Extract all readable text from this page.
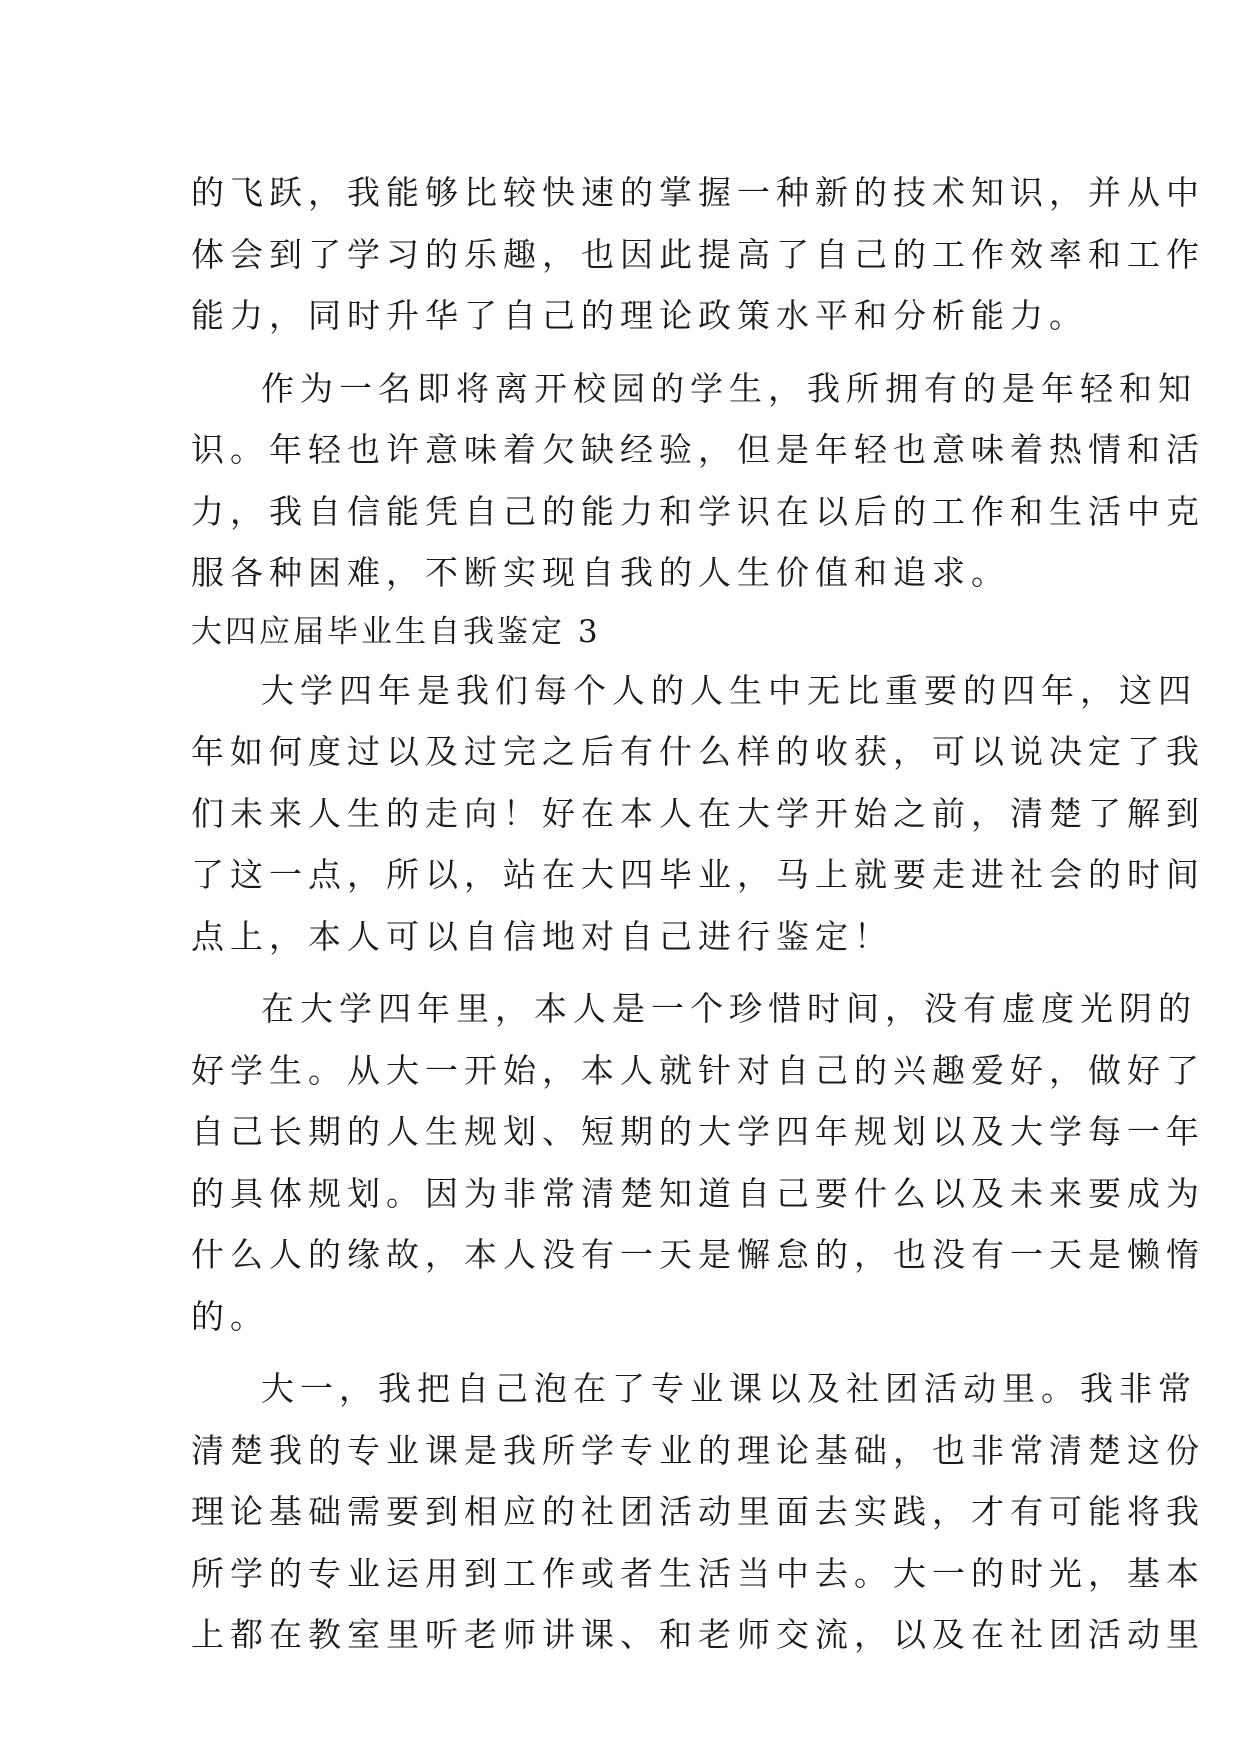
的飞跃，我能够比较快速的掌握一种新的技术知识，并从中
体会到了学习的乐趣，也因此提高了自己的工作效率和工作
能力，同时升华了自己的理论政策水平和分析能力。
作为一名即将离开校园的学生，我所拥有的是年轻和知
识。年轻也许意味着欠缺经验，但是年轻也意味着热情和活
力，我自信能凭自己的能力和学识在以后的工作和生活中克
服各种困难，不断实现自我的人生价值和追求。
大四应届毕业生自我鉴定 3
大学四年是我们每个人的人生中无比重要的四年，这四
年如何度过以及过完之后有什么样的收获，可以说决定了我
们未来人生的走向！好在本人在大学开始之前，清楚了解到
了这一点，所以，站在大四毕业，马上就要走进社会的时间
点上，本人可以自信地对自己进行鉴定！
在大学四年里，本人是一个珍惜时间，没有虚度光阴的
好学生。从大一开始，本人就针对自己的兴趣爱好，做好了
自己长期的人生规划、短期的大学四年规划以及大学每一年
的具体规划。因为非常清楚知道自己要什么以及未来要成为
什么人的缘故，本人没有一天是懈怠的，也没有一天是懒惰
的。
大一，我把自己泡在了专业课以及社团活动里。我非常
清楚我的专业课是我所学专业的理论基础，也非常清楚这份
理论基础需要到相应的社团活动里面去实践，才有可能将我
所学的专业运用到工作或者生活当中去。大一的时光，基本
上都在教室里听老师讲课、和老师交流，以及在社团活动里
